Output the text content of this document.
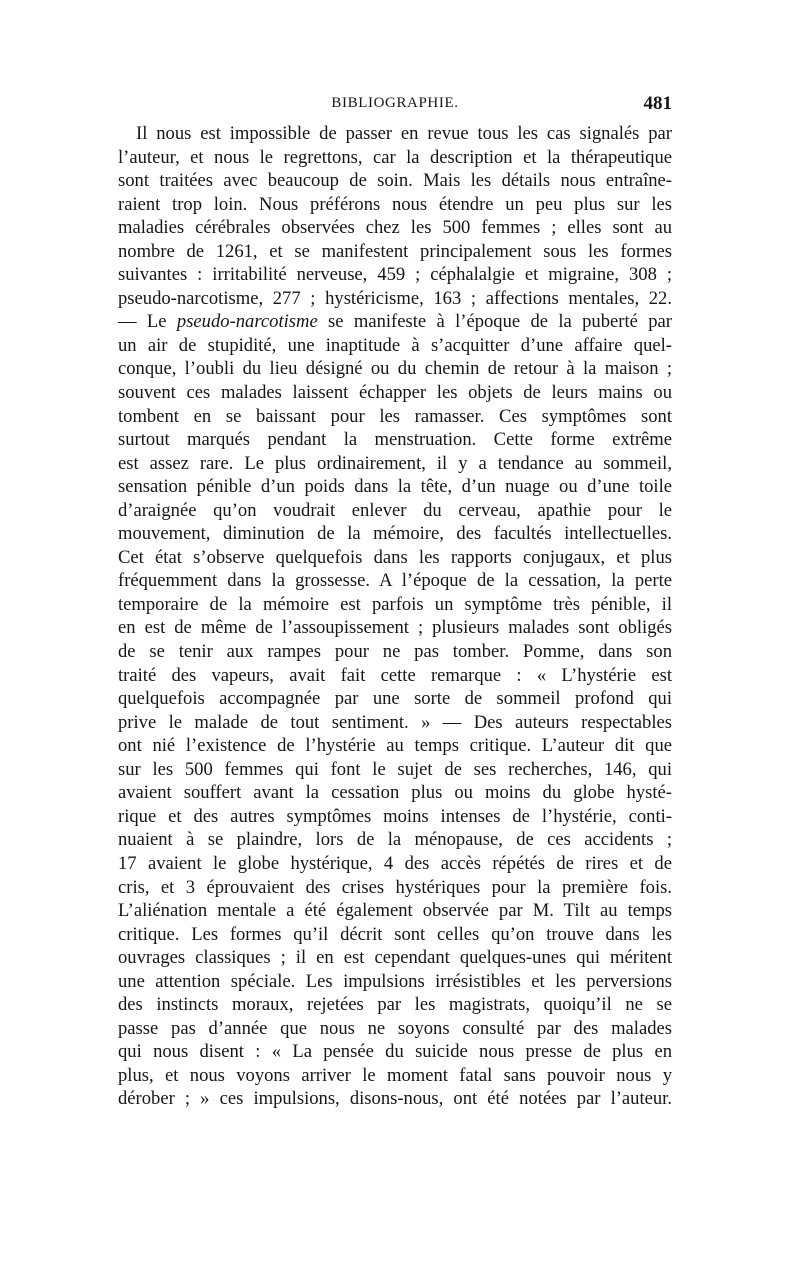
BIBLIOGRAPHIE.	481
Il nous est impossible de passer en revue tous les cas signalés par
l’auteur, et nous le regrettons, car la description et la thérapeutique
sont traitées avec beaucoup de soin. Mais les détails nous entraîne-
raient trop loin. Nous préférons nous étendre un peu plus sur les
maladies cérébrales observées chez les 500 femmes ; elles sont au
nombre de 1261, et se manifestent principalement sous les formes
suivantes : irritabilité nerveuse, 459 ; céphalalgie et migraine, 308 ;
pseudo-narcotisme, 277 ; hystéricisme, 163 ; affections mentales, 22.
— Le pseudo-narcotisme se manifeste à l’époque de la puberté par
un air de stupidité, une inaptitude à s’acquitter d’une affaire quel-
conque, l’oubli du lieu désigné ou du chemin de retour à la maison ;
souvent ces malades laissent échapper les objets de leurs mains ou
tombent en se baissant pour les ramasser. Ces symptômes sont
surtout marqués pendant la menstruation. Cette forme extrême
est assez rare. Le plus ordinairement, il y a tendance au sommeil,
sensation pénible d’un poids dans la tête, d’un nuage ou d’une toile
d’araignée qu’on voudrait enlever du cerveau, apathie pour le
mouvement, diminution de la mémoire, des facultés intellectuelles.
Cet état s’observe quelquefois dans les rapports conjugaux, et plus
fréquemment dans la grossesse. A l’époque de la cessation, la perte
temporaire de la mémoire est parfois un symptôme très pénible, il
en est de même de l’assoupissement ; plusieurs malades sont obligés
de se tenir aux rampes pour ne pas tomber. Pomme, dans son
traité des vapeurs, avait fait cette remarque : « L’hystérie est
quelquefois accompagnée par une sorte de sommeil profond qui
prive le malade de tout sentiment. » — Des auteurs respectables
ont nié l’existence de l’hystérie au temps critique. L’auteur dit que
sur les 500 femmes qui font le sujet de ses recherches, 146, qui
avaient souffert avant la cessation plus ou moins du globe hysté-
rique et des autres symptômes moins intenses de l’hystérie, conti-
nuaient à se plaindre, lors de la ménopause, de ces accidents ;
17 avaient le globe hystérique, 4 des accès répétés de rires et de
cris, et 3 éprouvaient des crises hystériques pour la première fois.
L’aliénation mentale a été également observée par M. Tilt au temps
critique. Les formes qu’il décrit sont celles qu’on trouve dans les
ouvrages classiques ; il en est cependant quelques-unes qui méritent
une attention spéciale. Les impulsions irrésistibles et les perversions
des instincts moraux, rejetées par les magistrats, quoiqu’il ne se
passe pas d’année que nous ne soyons consulté par des malades
qui nous disent : « La pensée du suicide nous presse de plus en
plus, et nous voyons arriver le moment fatal sans pouvoir nous y
dérober ; » ces impulsions, disons-nous, ont été notées par l’auteur.
